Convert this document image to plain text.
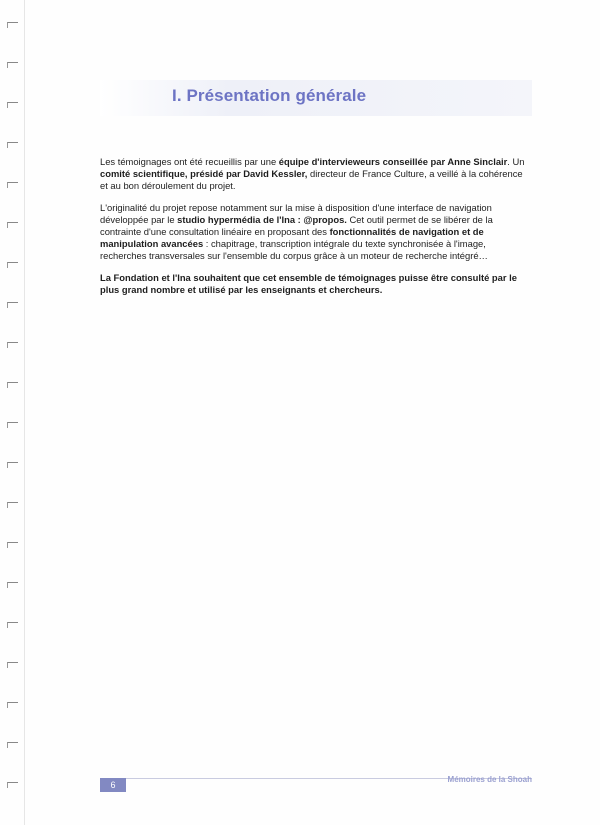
I. Présentation générale

Les témoignages ont été recueillis par une équipe d'intervieweurs conseillée par Anne Sinclair. Un comité scientifique, présidé par David Kessler, directeur de France Culture, a veillé à la cohérence et au bon déroulement du projet.

L'originalité du projet repose notamment sur la mise à disposition d'une interface de navigation développée par le studio hypermédia de l'Ina : @propos. Cet outil permet de se libérer de la contrainte d'une consultation linéaire en proposant des fonctionnalités de navigation et de manipulation avancées : chapitrage, transcription intégrale du texte synchronisée à l'image, recherches transversales sur l'ensemble du corpus grâce à un moteur de recherche intégré…

La Fondation et l'Ina souhaitent que cet ensemble de témoignages puisse être consulté par le plus grand nombre et utilisé par les enseignants et chercheurs.

6
Mémoires de la Shoah
